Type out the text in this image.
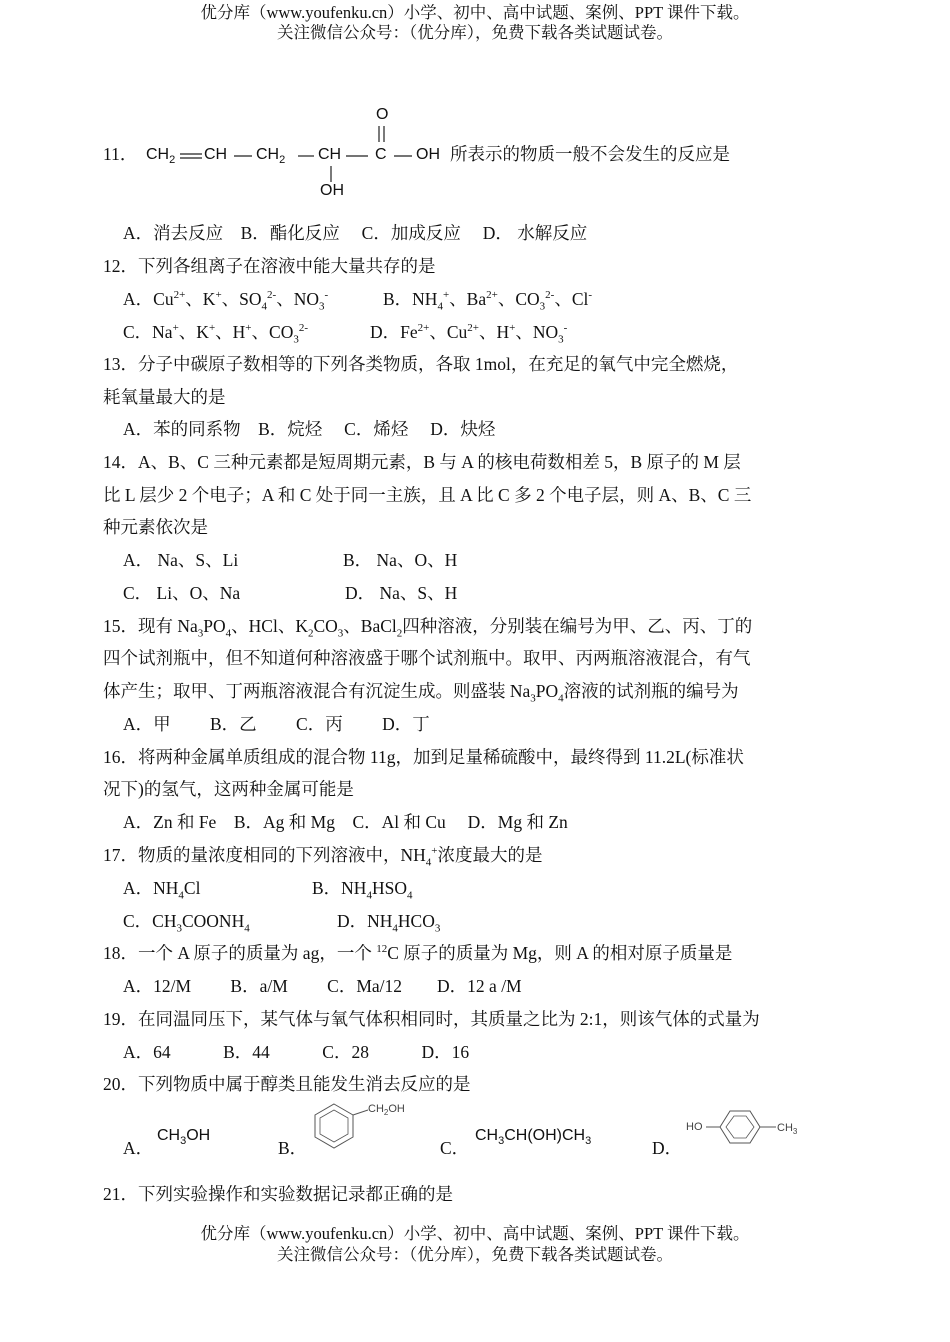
优分库（www.youfenku.cn）小学、初中、高中试题、案例、PPT 课件下载。
关注微信公众号：（优分库），免费下载各类试题试卷。
11．
O
$CH_2$ CH $CH_2$ CH C OH
OH
所表示的物质一般不会发生的反应是
A．消去反应　B．酯化反应　 C．加成反应　 D． 水解反应
12．下列各组离子在溶液中能大量共存的是
A．$Cu^{2+}$、K+、$SO_4^{2-}$、$NO_3^-$	B．$NH_4^+$、$Ba^{2+}$、$CO_3^{2-}$、Cl-
C．Na+、K+、H+、$CO_3^{2-}$	D．$Fe^{2+}$、$Cu^{2+}$、H+、$NO_3^-$
13．分子中碳原子数相等的下列各类物质，各取 1mol，在充足的氧气中完全燃烧，
耗氧量最大的是
A．苯的同系物　B．烷烃　 C．烯烃　 D．炔烃
14．A、B、C 三种元素都是短周期元素，B 与 A 的核电荷数相差 5，B 原子的 M 层
比 L 层少 2 个电子；A 和 C 处于同一主族，且 A 比 C 多 2 个电子层，则 A、B、C 三
种元素依次是
A． Na、S、Li	B． Na、O、H
C． Li、O、Na	D． Na、S、H
15．现有 $Na_3PO_4$、HCl、$K_2CO_3$、BaCl$_2$四种溶液，分别装在编号为甲、乙、丙、丁的
四个试剂瓶中，但不知道何种溶液盛于哪个试剂瓶中。取甲、丙两瓶溶液混合，有气
体产生；取甲、丁两瓶溶液混合有沉淀生成。则盛装 $Na_3PO_4$溶液的试剂瓶的编号为
A．甲　　 B．乙　　 C．丙　　 D．丁
16．将两种金属单质组成的混合物 11g，加到足量稀硫酸中，最终得到 11.2L(标准状
况下)的氢气，这两种金属可能是
A．Zn 和 Fe　B．Ag 和 Mg　C．Al 和 Cu　 D．Mg 和 Zn
17．物质的量浓度相同的下列溶液中，$NH_4^+$浓度最大的是
A．$NH_4Cl$	B．$NH_4HSO_4$
C．$CH_3COONH_4$	D．$NH_4HCO_3$
18．一个 A 原子的质量为 ag，一个 $^{12}$C 原子的质量为 Mg，则 A 的相对原子质量是
A．12/M　 　B．a/M　　 C．Ma/12　　D．12 a /M
19．在同温同压下，某气体与氧气体积相同时，其质量之比为 2:1，则该气体的式量为
A．64　　　B．44　　　C．28　　　D．16
20．下列物质中属于醇类且能发生消去反应的是
A．
$CH_3OH$
B．
$CH_2OH$
C．
$CH_3CH(OH)CH_3$	D．
HO	$CH_3$
21．下列实验操作和实验数据记录都正确的是
优分库（www.youfenku.cn）小学、初中、高中试题、案例、PPT 课件下载。
关注微信公众号：（优分库），免费下载各类试题试卷。
